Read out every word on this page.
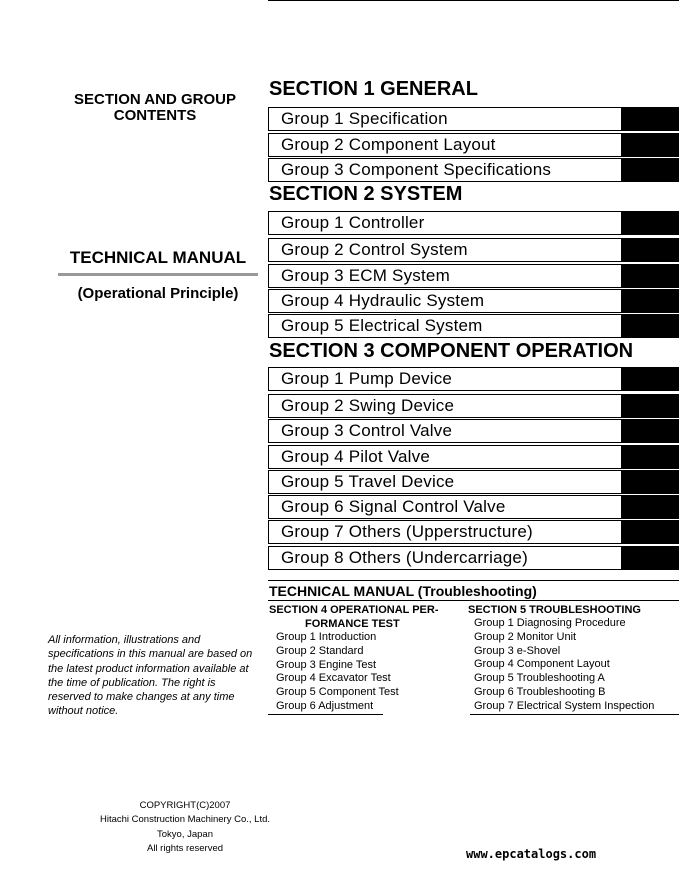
SECTION AND GROUP
CONTENTS
TECHNICAL MANUAL
(Operational Principle)
All information, illustrations and specifications in this manual are based on the latest product information available at the time of publication. The right is reserved to make changes at any time without notice.
COPYRIGHT(C)2007
Hitachi Construction Machinery Co., Ltd.
Tokyo, Japan
All rights reserved
SECTION 1 GENERAL
Group 1 Specification
Group 2 Component Layout
Group 3 Component Specifications
SECTION 2 SYSTEM
Group 1 Controller
Group 2 Control System
Group 3 ECM System
Group 4 Hydraulic System
Group 5 Electrical System
SECTION 3 COMPONENT OPERATION
Group 1 Pump Device
Group 2 Swing Device
Group 3 Control Valve
Group 4 Pilot Valve
Group 5 Travel Device
Group 6 Signal Control Valve
Group 7 Others (Upperstructure)
Group 8 Others (Undercarriage)
TECHNICAL MANUAL (Troubleshooting)
SECTION 4 OPERATIONAL PER-
FORMANCE TEST
Group 1 Introduction
Group 2 Standard
Group 3 Engine Test
Group 4 Excavator Test
Group 5 Component Test
Group 6 Adjustment
SECTION 5 TROUBLESHOOTING
Group 1 Diagnosing Procedure
Group 2 Monitor Unit
Group 3 e-Shovel
Group 4 Component Layout
Group 5 Troubleshooting A
Group 6 Troubleshooting B
Group 7 Electrical System Inspection
www.epcatalogs.com
